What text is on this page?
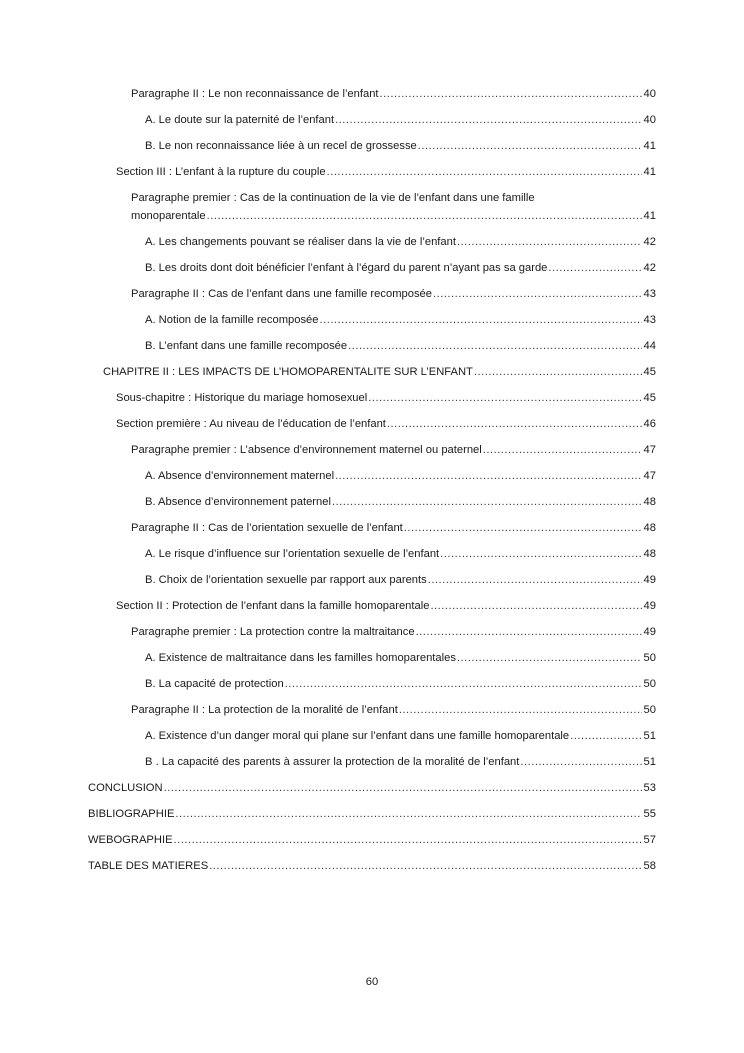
Paragraphe II : Le non reconnaissance de l’enfant .....	40
A. Le doute sur la paternité de l’enfant .....	40
B. Le non reconnaissance liée à un recel de grossesse .....	41
Section III : L’enfant à la rupture du couple .....	41
Paragraphe premier : Cas de la continuation de la vie de l’enfant dans une famille
monoparentale .....	41
A. Les changements pouvant se réaliser dans la vie de l’enfant .....	42
B. Les droits dont doit bénéficier l’enfant à l’égard du parent n’ayant pas sa garde .....	42
Paragraphe II : Cas de l’enfant dans une famille recomposée .....	43
A. Notion de la famille recomposée .....	43
B. L’enfant dans une famille recomposée .....	44
CHAPITRE II : LES IMPACTS DE L’HOMOPARENTALITE SUR L’ENFANT .....	45
Sous-chapitre : Historique du mariage homosexuel .....	45
Section première : Au niveau de l’éducation de l’enfant .....	46
Paragraphe premier : L’absence d’environnement maternel ou paternel .....	47
A. Absence d’environnement maternel .....	47
B. Absence d’environnement paternel .....	48
Paragraphe II : Cas de l’orientation sexuelle de l’enfant .....	48
A. Le risque d’influence sur l’orientation sexuelle de l’enfant .....	48
B. Choix de l’orientation sexuelle par rapport aux parents .....	49
Section II : Protection de l’enfant dans la famille homoparentale .....	49
Paragraphe premier : La protection contre la maltraitance .....	49
A. Existence de maltraitance dans les familles homoparentales .....	50
B. La capacité de protection .....	50
Paragraphe II : La protection de la moralité de l’enfant .....	50
A. Existence d’un danger moral qui plane sur l’enfant dans une famille homoparentale .....	51
B . La capacité des parents à assurer la protection de la moralité de l’enfant .....	51
CONCLUSION .....	53
BIBLIOGRAPHIE .....	55
WEBOGRAPHIE .....	57
TABLE DES MATIERES .....	58
60
